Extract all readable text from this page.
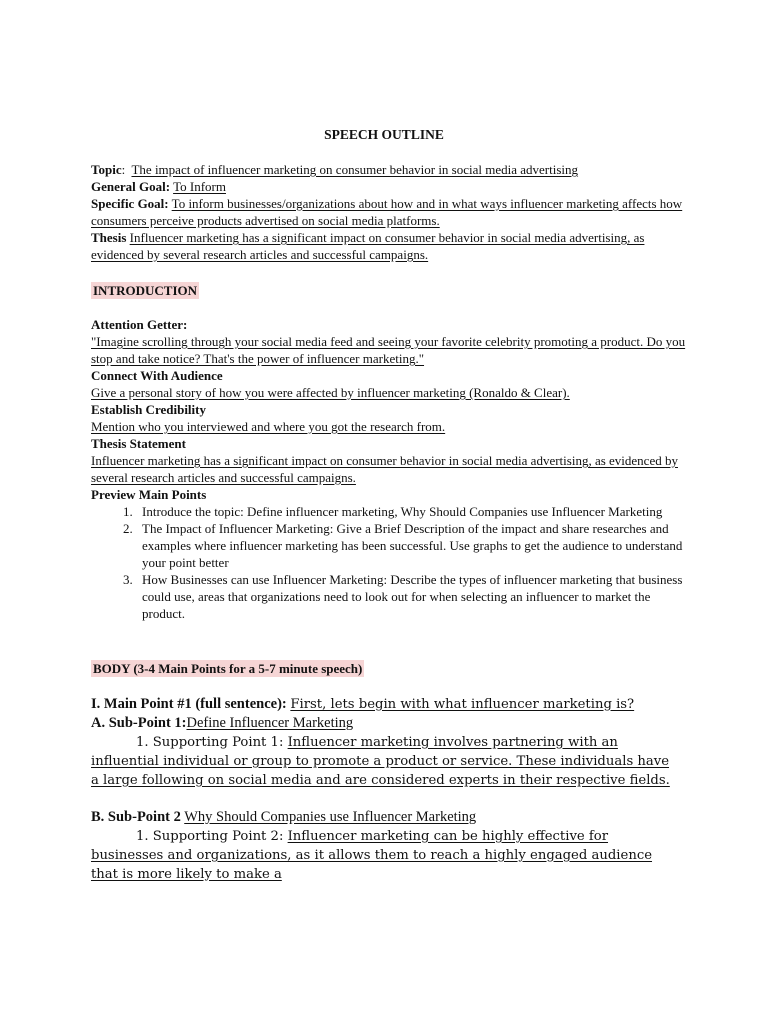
SPEECH OUTLINE
Topic:  The impact of influencer marketing on consumer behavior in social media advertising
General Goal: To Inform
Specific Goal: To inform businesses/organizations about how and in what ways influencer marketing affects how consumers perceive products advertised on social media platforms.
Thesis Influencer marketing has a significant impact on consumer behavior in social media advertising, as evidenced by several research articles and successful campaigns.
INTRODUCTION
Attention Getter:
"Imagine scrolling through your social media feed and seeing your favorite celebrity promoting a product. Do you stop and take notice? That's the power of influencer marketing."
Connect With Audience
Give a personal story of how you were affected by influencer marketing (Ronaldo & Clear).
Establish Credibility
Mention who you interviewed and where you got the research from.
Thesis Statement
Influencer marketing has a significant impact on consumer behavior in social media advertising, as evidenced by several research articles and successful campaigns.
Preview Main Points
1. Introduce the topic: Define influencer marketing, Why Should Companies use Influencer Marketing
2. The Impact of Influencer Marketing: Give a Brief Description of the impact and share researches and examples where influencer marketing has been successful. Use graphs to get the audience to understand your point better
3. How Businesses can use Influencer Marketing: Describe the types of influencer marketing that business could use, areas that organizations need to look out for when selecting an influencer to market the product.
BODY (3-4 Main Points for a 5-7 minute speech)
I. Main Point #1 (full sentence): First, lets begin with what influencer marketing is?
A. Sub-Point 1:Define Influencer Marketing
1. Supporting Point 1: Influencer marketing involves partnering with an influential individual or group to promote a product or service. These individuals have a large following on social media and are considered experts in their respective fields.
B. Sub-Point 2 Why Should Companies use Influencer Marketing
1. Supporting Point 2: Influencer marketing can be highly effective for businesses and organizations, as it allows them to reach a highly engaged audience that is more likely to make a
